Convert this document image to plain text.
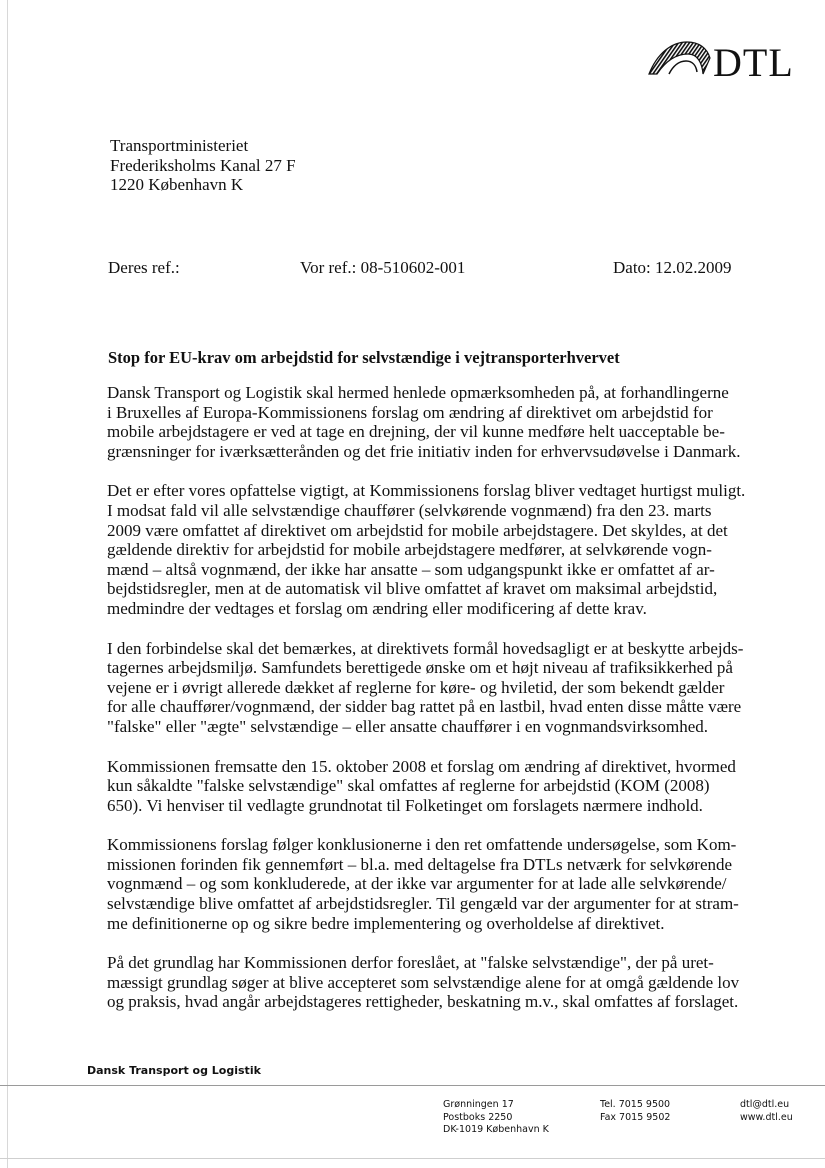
DTL
Transportministeriet
Frederiksholms Kanal 27 F
1220 København K
Deres ref.:	Vor ref.: 08-510602-001	Dato: 12.02.2009
Stop for EU-krav om arbejdstid for selvstændige i vejtransporterhvervet

Dansk Transport og Logistik skal hermed henlede opmærksomheden på, at forhandlingerne
i Bruxelles af Europa-Kommissionens forslag om ændring af direktivet om arbejdstid for
mobile arbejdstagere er ved at tage en drejning, der vil kunne medføre helt uacceptable be-
grænsninger for iværksætterånden og det frie initiativ inden for erhvervsudøvelse i Danmark.

Det er efter vores opfattelse vigtigt, at Kommissionens forslag bliver vedtaget hurtigst muligt.
I modsat fald vil alle selvstændige chauffører (selvkørende vognmænd) fra den 23. marts
2009 være omfattet af direktivet om arbejdstid for mobile arbejdstagere. Det skyldes, at det
gældende direktiv for arbejdstid for mobile arbejdstagere medfører, at selvkørende vogn-
mænd – altså vognmænd, der ikke har ansatte – som udgangspunkt ikke er omfattet af ar-
bejdstidsregler, men at de automatisk vil blive omfattet af kravet om maksimal arbejdstid,
medmindre der vedtages et forslag om ændring eller modificering af dette krav.

I den forbindelse skal det bemærkes, at direktivets formål hovedsagligt er at beskytte arbejds-
tagernes arbejdsmiljø. Samfundets berettigede ønske om et højt niveau af trafiksikkerhed på
vejene er i øvrigt allerede dækket af reglerne for køre- og hviletid, der som bekendt gælder
for alle chauffører/vognmænd, der sidder bag rattet på en lastbil, hvad enten disse måtte være
"falske" eller "ægte" selvstændige – eller ansatte chauffører i en vognmandsvirksomhed.

Kommissionen fremsatte den 15. oktober 2008 et forslag om ændring af direktivet, hvormed
kun såkaldte "falske selvstændige" skal omfattes af reglerne for arbejdstid (KOM (2008)
650). Vi henviser til vedlagte grundnotat til Folketinget om forslagets nærmere indhold.

Kommissionens forslag følger konklusionerne i den ret omfattende undersøgelse, som Kom-
missionen forinden fik gennemført – bl.a. med deltagelse fra DTLs netværk for selvkørende
vognmænd – og som konkluderede, at der ikke var argumenter for at lade alle selvkørende/
selvstændige blive omfattet af arbejdstidsregler. Til gengæld var der argumenter for at stram-
me definitionerne op og sikre bedre implementering og overholdelse af direktivet.

På det grundlag har Kommissionen derfor foreslået, at "falske selvstændige", der på uret-
mæssigt grundlag søger at blive accepteret som selvstændige alene for at omgå gældende lov
og praksis, hvad angår arbejdstageres rettigheder, beskatning m.v., skal omfattes af forslaget.

Dansk Transport og Logistik
Grønningen 17
Postboks 2250
DK-1019 København K
Tel. 7015 9500
Fax 7015 9502
dtl@dtl.eu
www.dtl.eu
